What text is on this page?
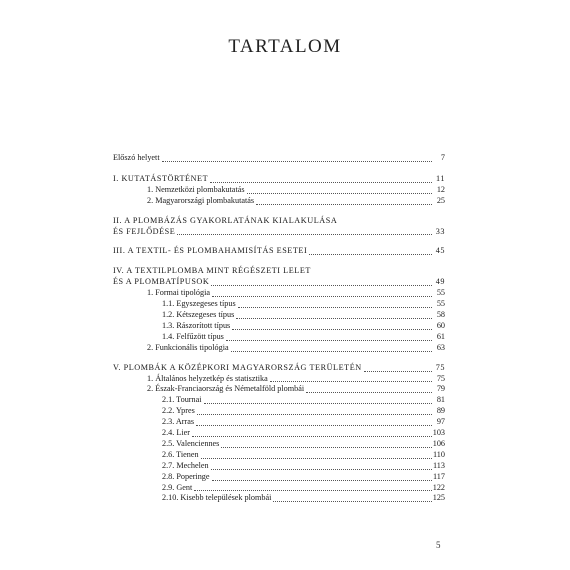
TARTALOM
Előszó helyett	7
I. KUTATÁSTÖRTÉNET	11
1. Nemzetközi plombakutatás	12
2. Magyarországi plombakutatás	25
II. A PLOMBÁZÁS GYAKORLATÁNAK KIALAKULÁSA
ÉS FEJLŐDÉSE	33
III. A TEXTIL- ÉS PLOMBAHAMISÍTÁS ESETEI	45
IV. A TEXTILPLOMBA MINT RÉGÉSZETI LELET
ÉS A PLOMBATÍPUSOK	49
1. Formai tipológia	55
1.1. Egyszegeses típus	55
1.2. Kétszegeses típus	58
1.3. Rászorított típus	60
1.4. Felfűzött típus	61
2. Funkcionális tipológia	63
V. PLOMBÁK A KÖZÉPKORI MAGYARORSZÁG TERÜLETÉN	75
1. Általános helyzetkép és statisztika	75
2. Észak-Franciaország és Németalföld plombái	79
2.1. Tournai	81
2.2. Ypres	89
2.3. Arras	97
2.4. Lier	103
2.5. Valenciennes	106
2.6. Tienen	110
2.7. Mechelen	113
2.8. Poperinge	117
2.9. Gent	122
2.10. Kisebb települések plombái	125
5
